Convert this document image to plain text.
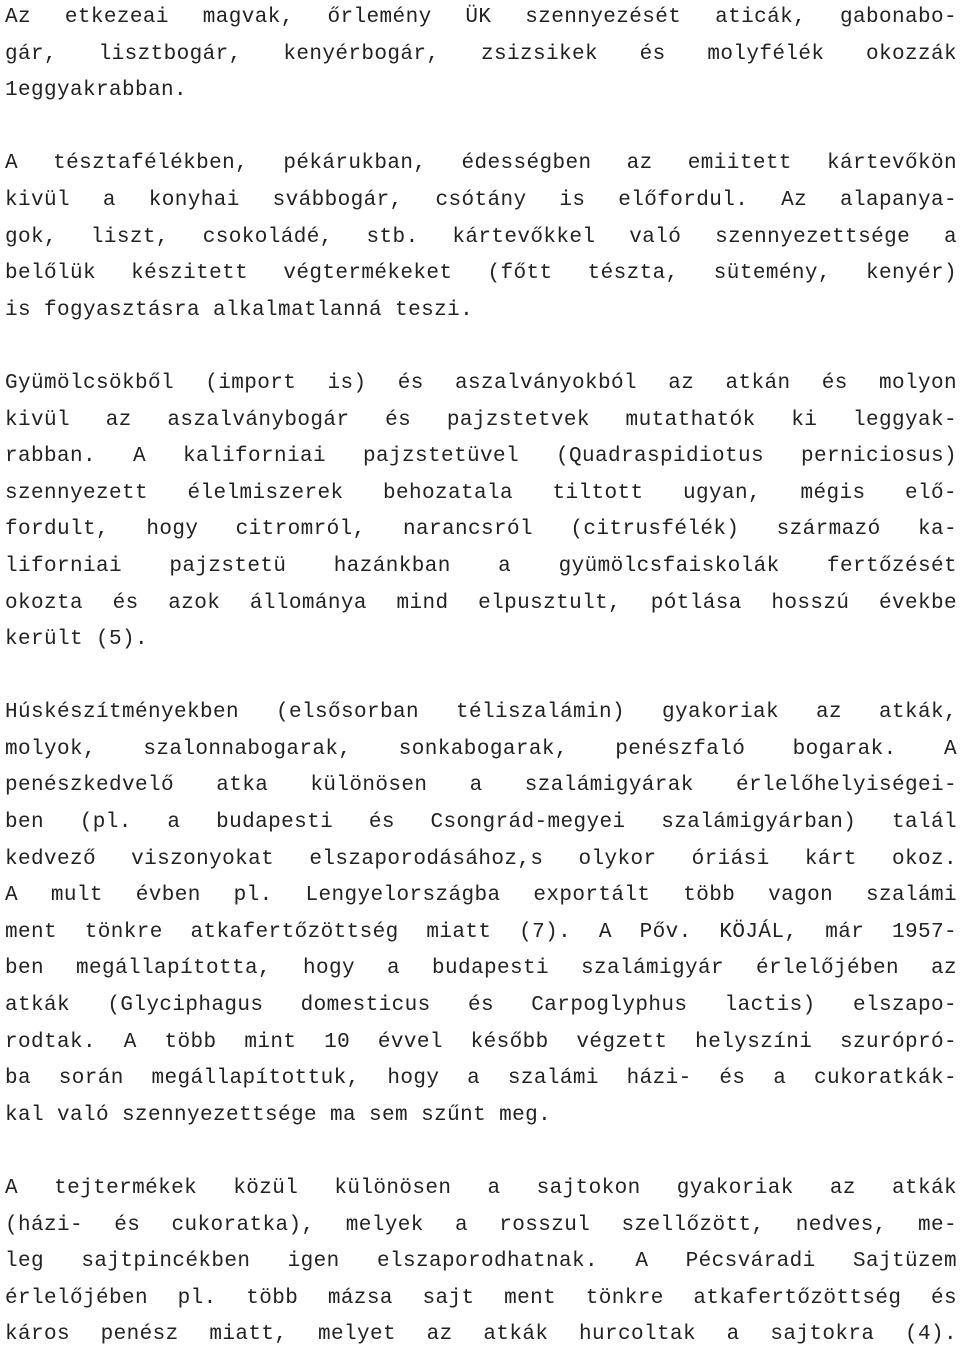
Az etkezeai magvak, őrlemény ÜK szennyezését aticák, gabonabo-
gár, lisztbogár, kenyérbogár, zsizsikek és molyfélék okozzák
1eggyakrabban.
A tésztafélékben, pékárukban, édességben az emiitett kártevőkön
kivül a konyhai svábbogár, csótány is előfordul. Az alapanya-
gok, liszt, csokoládé, stb. kártevőkkel való szennyezettsége a
belőlük készitett végtermékeket (főtt tészta, sütemény, kenyér)
is fogyasztásra alkalmatlanná teszi.
Gyümölcsökből (import is) és aszalványokból az atkán és molyon
kivül az aszalványbogár és pajzstetvek mutathatók ki leggyak-
rabban. A kaliforniai pajzstetüvel (Quadraspidiotus perniciosus)
szennyezett élelmiszerek behozatala tiltott ugyan, mégis elő-
fordult, hogy citromról, narancsról (citrusfélék) származó ka-
liforniai pajzstetü hazánkban a gyümölcsfaiskolák fertőzését
okozta és azok állománya mind elpusztult, pótlása hosszú évekbe
került (5).
Húskészítményekben (elsősorban téliszalámin) gyakoriak az atkák,
molyok, szalonnabogarak, sonkabogarak, penészfaló bogarak. A
penészkedvelő atka különösen a szalámigyárak érlelőhelyiségei-
ben (pl. a budapesti és Csongrád-megyei szalámigyárban) talál
kedvező viszonyokat elszaporodásához,s olykor óriási kárt okoz.
A mult évben pl. Lengyelországba exportált több vagon szalámi
ment tönkre atkafertőzöttség miatt (7). A Pőv. KÖJÁL, már 1957-
ben megállapította, hogy a budapesti szalámigyár érlelőjében az
atkák (Glyciphagus domesticus és Carpoglyphus lactis) elszapo-
rodtak. A több mint 10 évvel később végzett helyszíni szurópró-
ba során megállapítottuk, hogy a szalámi házi- és a cukoratkák-
kal való szennyezettsége ma sem szűnt meg.
A tejtermékek közül különösen a sajtokon gyakoriak az atkák
(házi- és cukoratka), melyek a rosszul szellőzött, nedves, me-
leg sajtpincékben igen elszaporodhatnak. A Pécsváradi Sajtüzem
érlelőjében pl. több mázsa sajt ment tönkre atkafertőzöttség és
káros penész miatt, melyet az atkák hurcoltak a sajtokra (4).
